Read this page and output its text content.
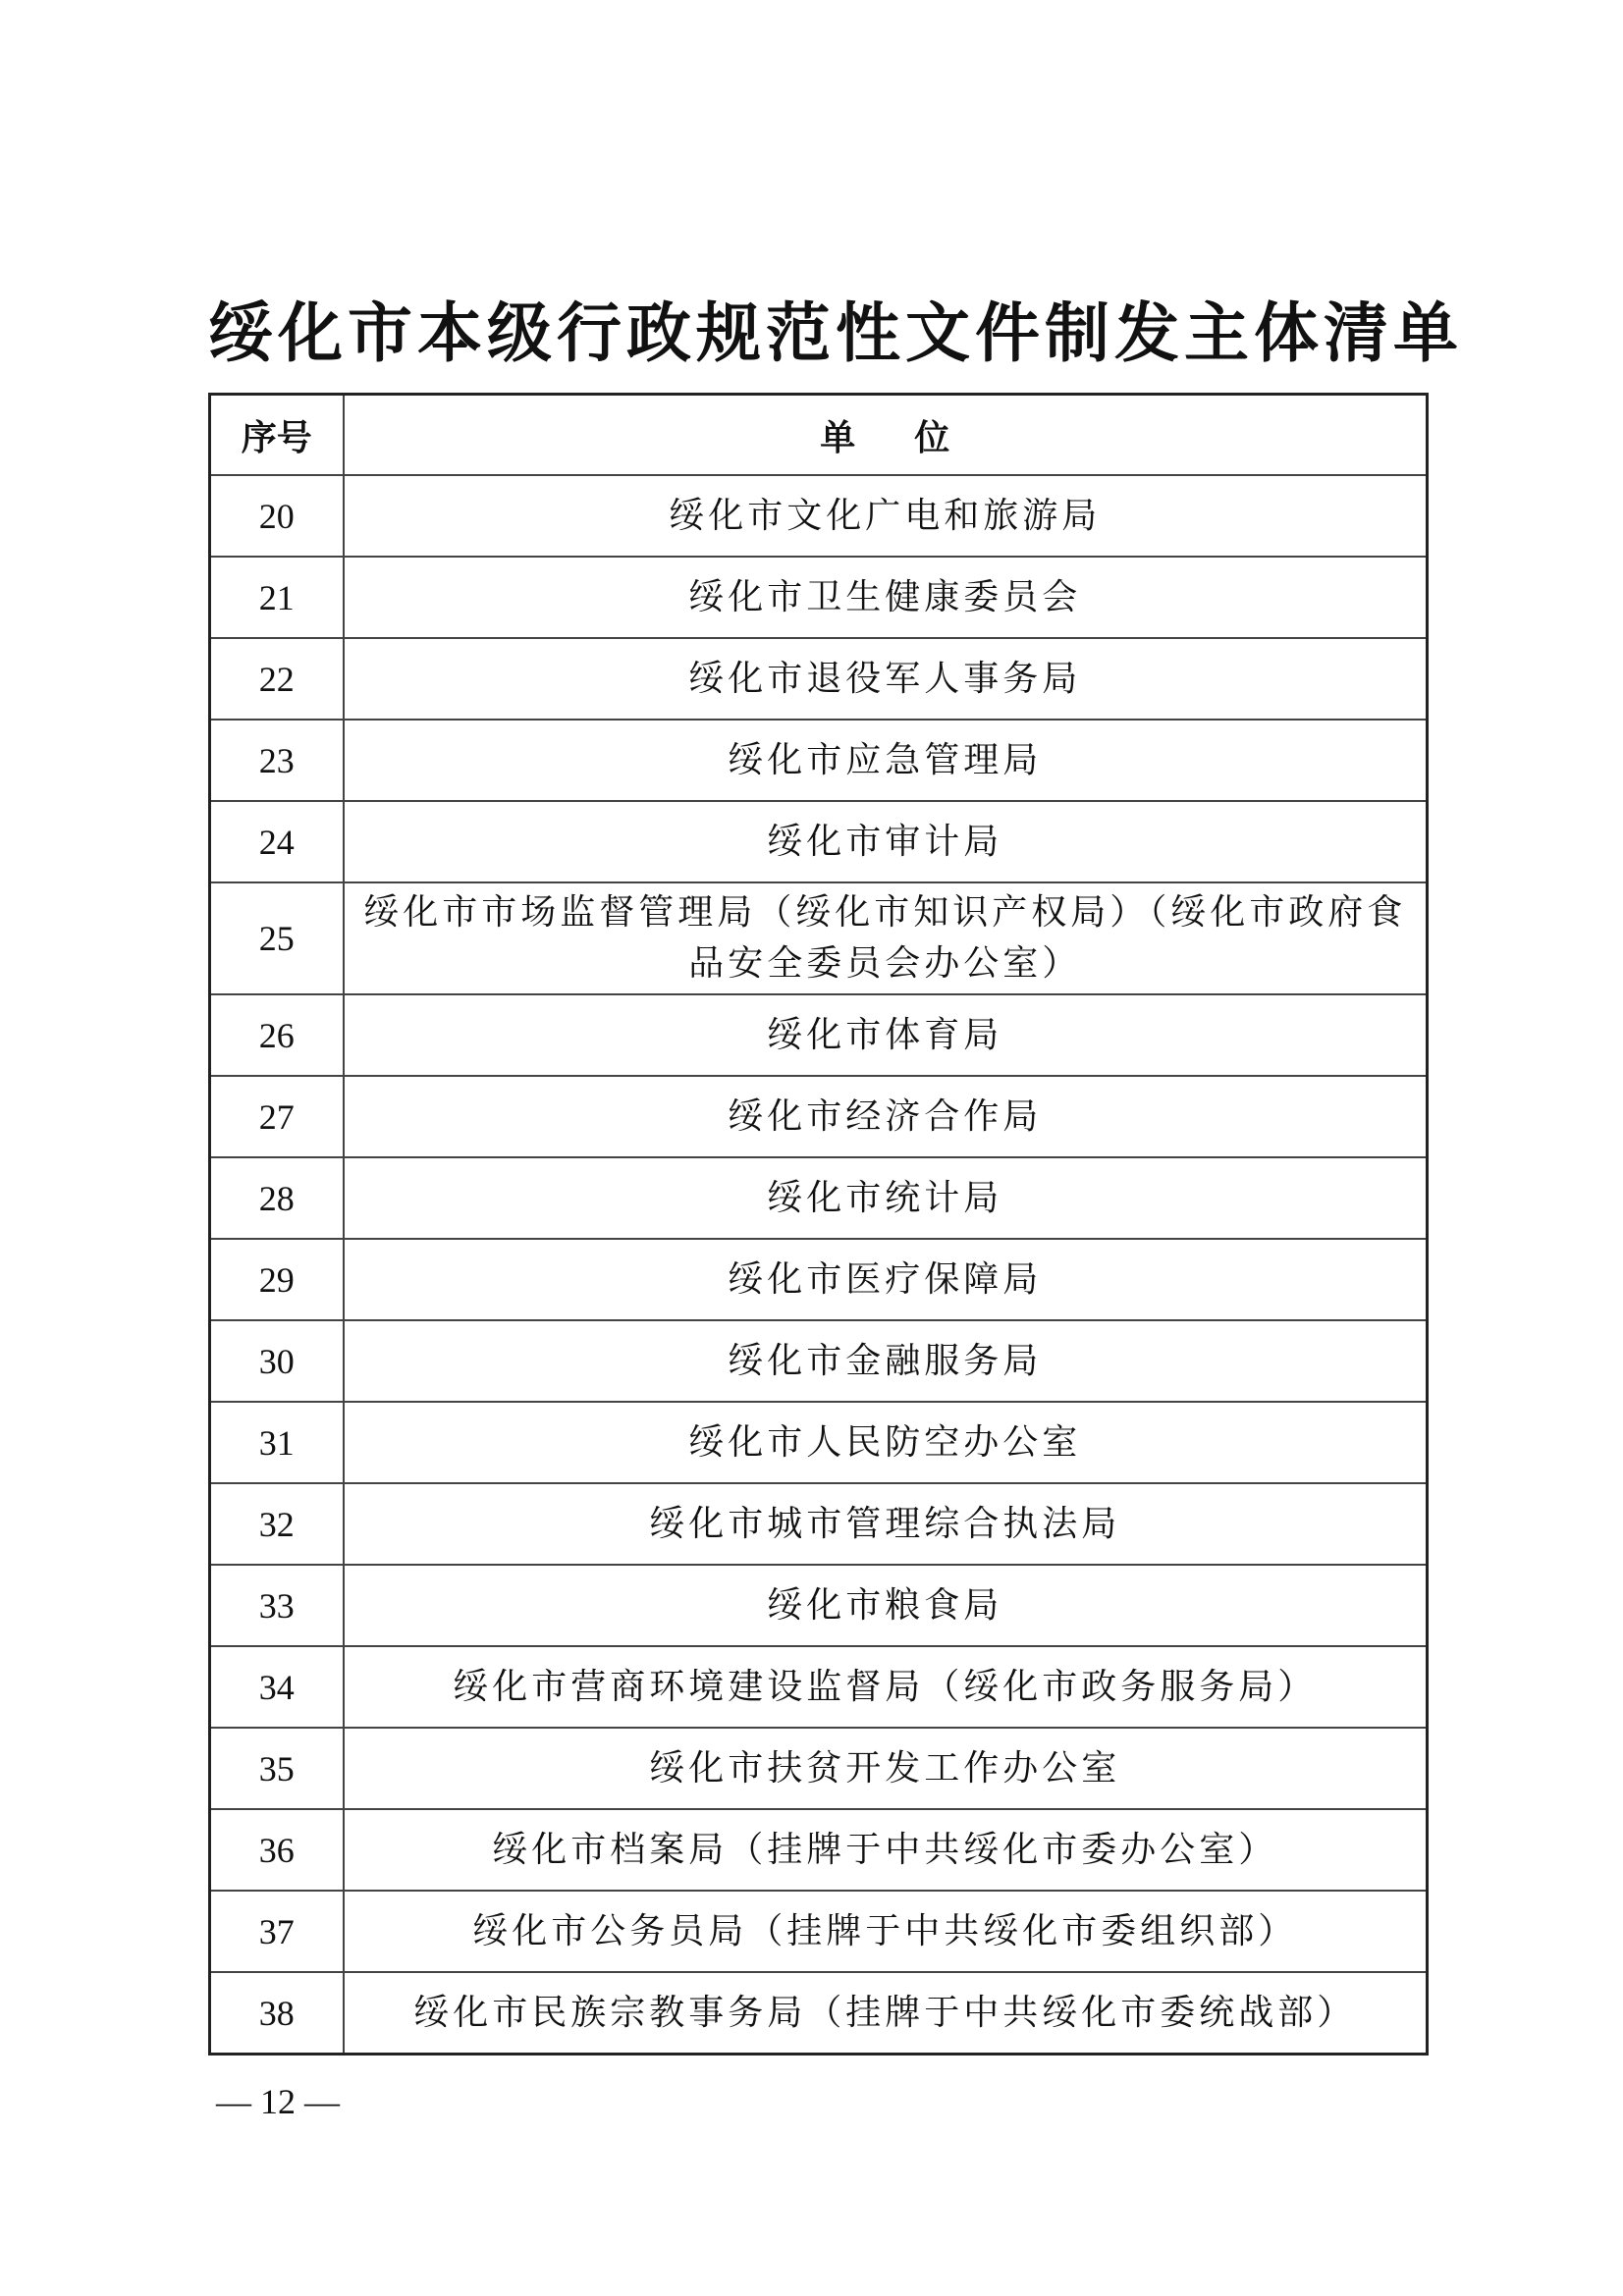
绥化市本级行政规范性文件制发主体清单
序号	单位
20	绥化市文化广电和旅游局
21	绥化市卫生健康委员会
22	绥化市退役军人事务局
23	绥化市应急管理局
24	绥化市审计局
25	绥化市市场监督管理局（绥化市知识产权局）（绥化市政府食品安全委员会办公室）
26	绥化市体育局
27	绥化市经济合作局
28	绥化市统计局
29	绥化市医疗保障局
30	绥化市金融服务局
31	绥化市人民防空办公室
32	绥化市城市管理综合执法局
33	绥化市粮食局
34	绥化市营商环境建设监督局（绥化市政务服务局）
35	绥化市扶贫开发工作办公室
36	绥化市档案局（挂牌于中共绥化市委办公室）
37	绥化市公务员局（挂牌于中共绥化市委组织部）
38	绥化市民族宗教事务局（挂牌于中共绥化市委统战部）
— 12 —
